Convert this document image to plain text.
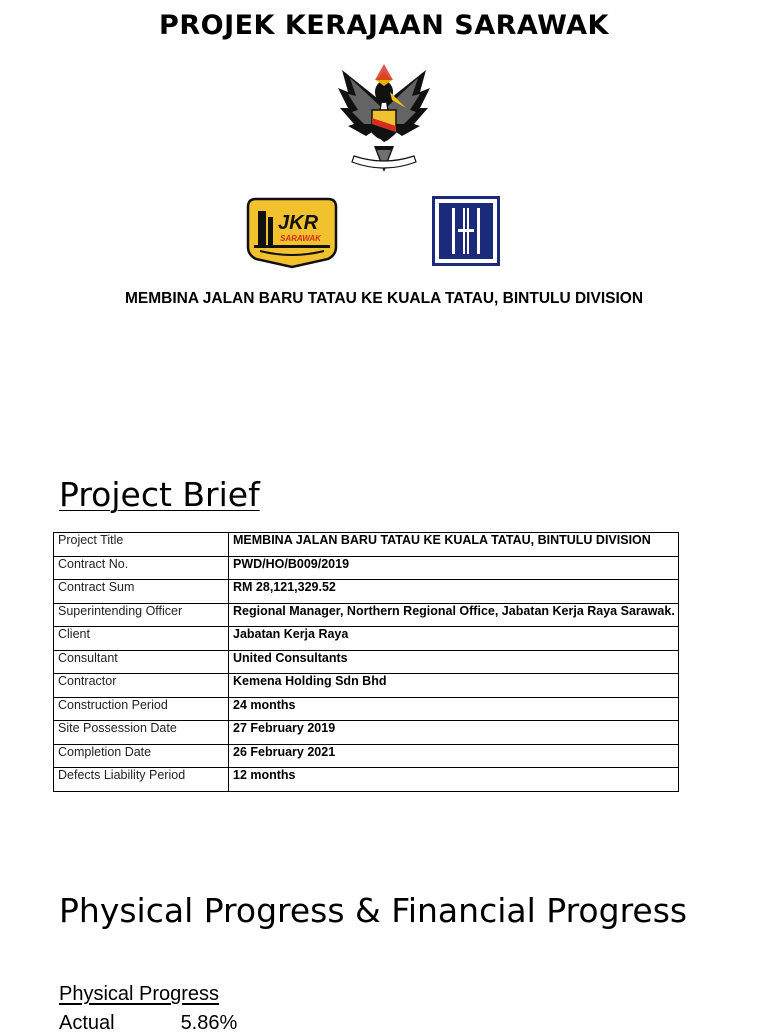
PROJEK KERAJAAN SARAWAK
JKR
SARAWAK
MEMBINA JALAN BARU TATAU KE KUALA TATAU, BINTULU DIVISION
Project Brief
Project Title	MEMBINA JALAN BARU TATAU KE KUALA TATAU, BINTULU DIVISION
Contract No.	PWD/HO/B009/2019
Contract Sum	RM 28,121,329.52
Superintending Officer	Regional Manager, Northern Regional Office, Jabatan Kerja Raya Sarawak.
Client	Jabatan Kerja Raya
Consultant	United Consultants
Contractor	Kemena Holding Sdn Bhd
Construction Period	24 months
Site Possession Date	27 February 2019
Completion Date	26 February 2021
Defects Liability Period	12 months
Physical Progress & Financial Progress
Physical Progress
Actual	5.86%
